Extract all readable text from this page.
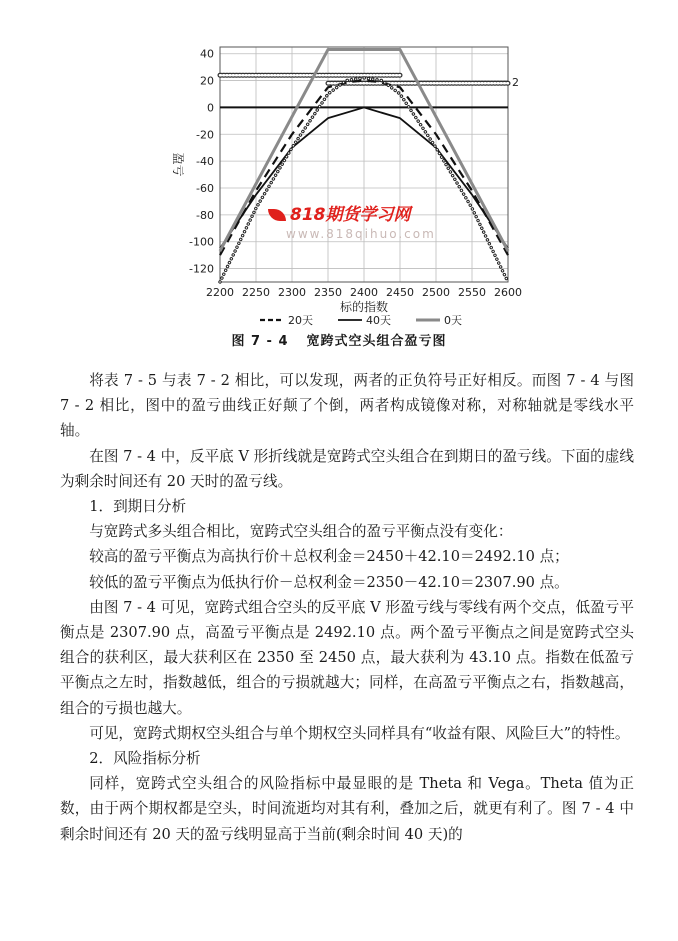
2200 2250 2300 2350 2400 2450 2500 2550 2600
40
20
0
-20
-40
-60
-80
-100
-120
标的指数
盈亏
2
20天	40天	0天
818期货学习网
www.818qihuo.com
图 7 - 4 宽跨式空头组合盈亏图

将表 7 - 5 与表 7 - 2 相比，可以发现，两者的正负符号正好相反。而图 7 - 4 与图 7 - 2 相比，图中的盈亏曲线正好颠了个倒，两者构成镜像对称，对称轴就是零线水平轴。

在图 7 - 4 中，反平底 V 形折线就是宽跨式空头组合在到期日的盈亏线。下面的虚线为剩余时间还有 20 天时的盈亏线。

1．到期日分析

与宽跨式多头组合相比，宽跨式空头组合的盈亏平衡点没有变化：

较高的盈亏平衡点为高执行价＋总权利金＝2450＋42.10＝2492.10 点；

较低的盈亏平衡点为低执行价－总权利金＝2350－42.10＝2307.90 点。

由图 7 - 4 可见，宽跨式组合空头的反平底 V 形盈亏线与零线有两个交点，低盈亏平衡点是 2307.90 点，高盈亏平衡点是 2492.10 点。两个盈亏平衡点之间是宽跨式空头组合的获利区，最大获利区在 2350 至 2450 点，最大获利为 43.10 点。指数在低盈亏平衡点之左时，指数越低，组合的亏损就越大；同样，在高盈亏平衡点之右，指数越高，组合的亏损也越大。

可见，宽跨式期权空头组合与单个期权空头同样具有“收益有限、风险巨大”的特性。

2．风险指标分析

同样，宽跨式空头组合的风险指标中最显眼的是 Theta 和 Vega。Theta 值为正数，由于两个期权都是空头，时间流逝均对其有利，叠加之后，就更有利了。图 7 - 4 中剩余时间还有 20 天的盈亏线明显高于当前(剩余时间 40 天)的
